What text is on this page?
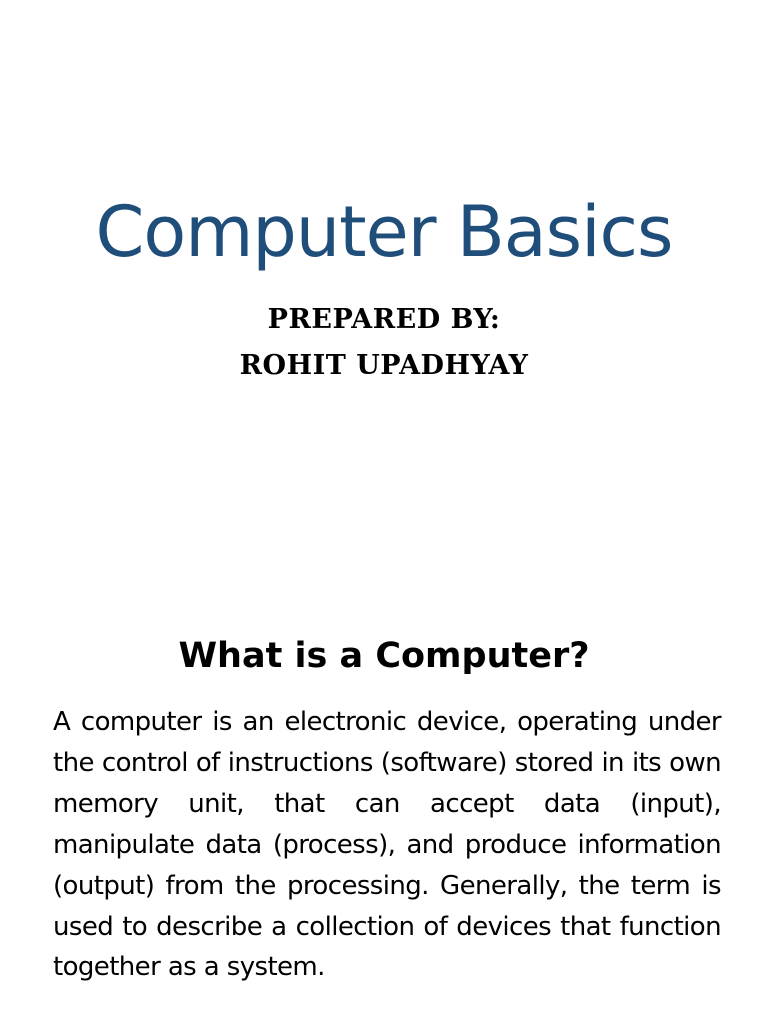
Computer Basics
PREPARED BY:
ROHIT UPADHYAY
What is a Computer?

A computer is an electronic device, operating under the control of instructions (software) stored in its own memory unit, that can accept data (input), manipulate data (process), and produce information (output) from the processing. Generally, the term is used to describe a collection of devices that function together as a system.
